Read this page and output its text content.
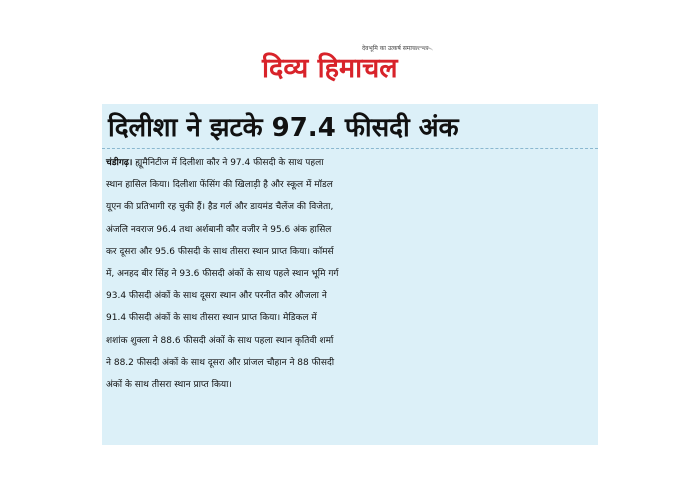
देवभूमि का उत्कर्ष समाचार पत्र
दिव्य हिमाचल
दिलीशा ने झटके 97.4 फीसदी अंक
चंडीगढ़। ह्यूमैनिटीज में दिलीशा कौर ने 97.4 फीसदी के साथ पहला
स्थान हासिल किया। दिलीशा फेंसिंग की खिलाड़ी है और स्कूल में मॉडल
यूएन की प्रतिभागी रह चुकी हैं। हैड गर्ल और डायमंड चैलेंज की विजेता,
अंजलि नवराज 96.4 तथा अर्शबानी कौर वजीर ने 95.6 अंक हासिल
कर दूसरा और 95.6 फीसदी के साथ तीसरा स्थान प्राप्त किया। कॉमर्स
में, अनहद बीर सिंह ने 93.6 फीसदी अंकों के साथ पहले स्थान भूमि गर्ग
93.4 फीसदी अंकों के साथ दूसरा स्थान और परनीत कौर औजला ने
91.4 फीसदी अंकों के साथ तीसरा स्थान प्राप्त किया। मेडिकल में
शशांक शुक्ला ने 88.6 फीसदी अंकों के साथ पहला स्थान कृतिवी शर्मा
ने 88.2 फीसदी अंकों के साथ दूसरा और प्रांजल चौहान ने 88 फीसदी
अंकों के साथ तीसरा स्थान प्राप्त किया।
